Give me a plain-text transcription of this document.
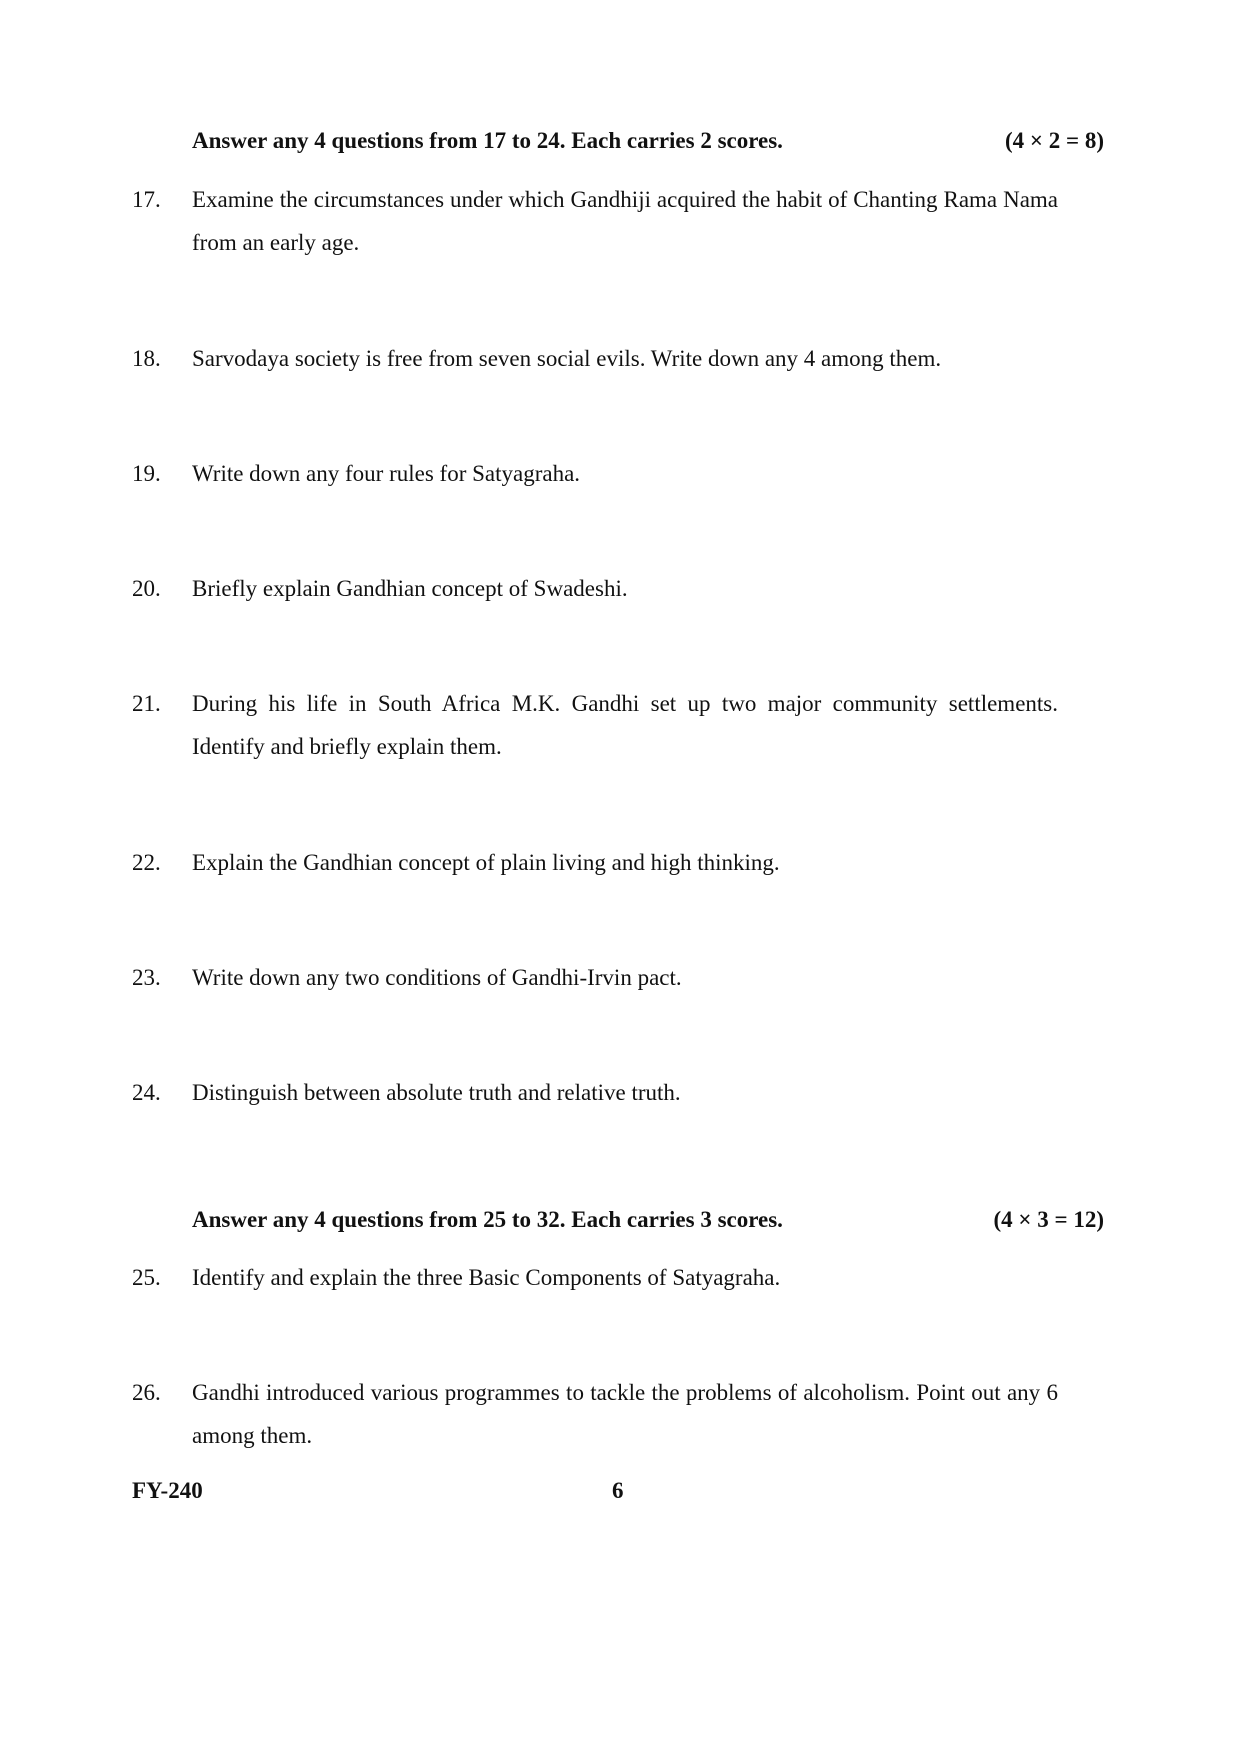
Answer any 4 questions from 17 to 24. Each carries 2 scores.	(4 × 2 = 8)
17.	Examine the circumstances under which Gandhiji acquired the habit of Chanting Rama Nama from an early age.
18.	Sarvodaya society is free from seven social evils. Write down any 4 among them.
19.	Write down any four rules for Satyagraha.
20.	Briefly explain Gandhian concept of Swadeshi.
21.	During his life in South Africa M.K. Gandhi set up two major community settlements. Identify and briefly explain them.
22.	Explain the Gandhian concept of plain living and high thinking.
23.	Write down any two conditions of Gandhi-Irvin pact.
24.	Distinguish between absolute truth and relative truth.
Answer any 4 questions from 25 to 32. Each carries 3 scores.	(4 × 3 = 12)
25.	Identify and explain the three Basic Components of Satyagraha.
26.	Gandhi introduced various programmes to tackle the problems of alcoholism. Point out any 6 among them.
FY-240	6
